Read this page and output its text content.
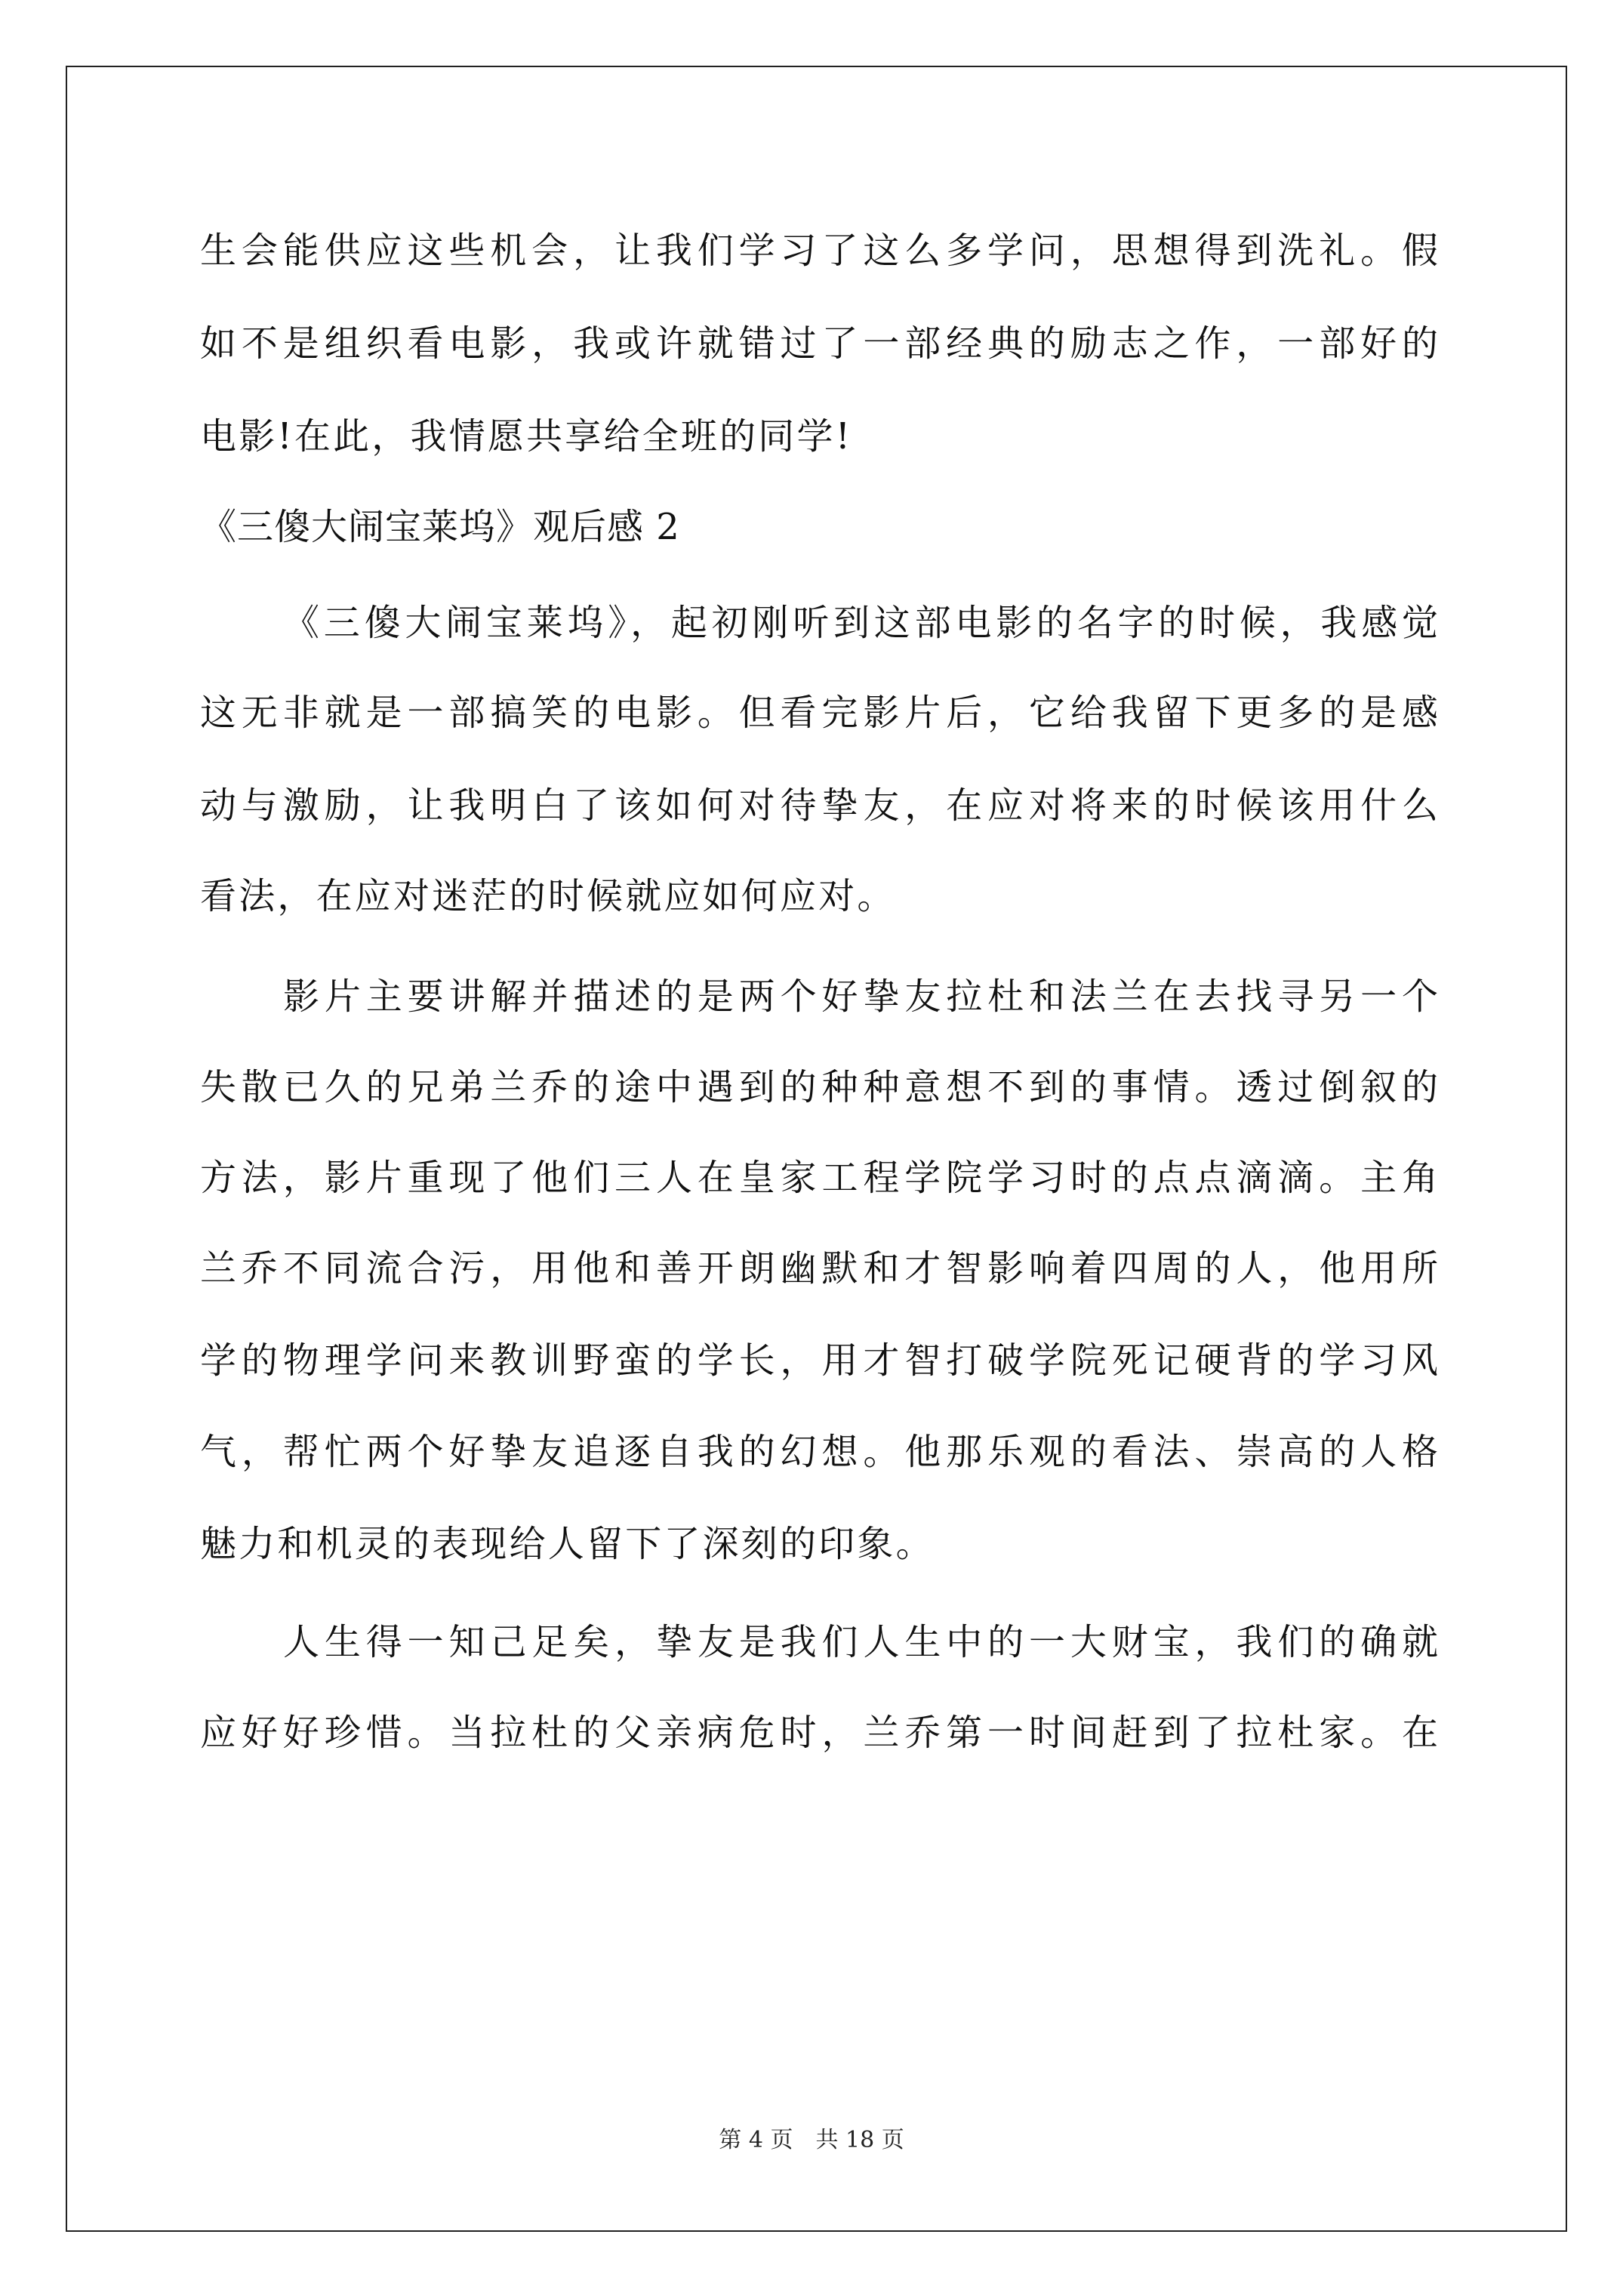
生会能供应这些机会，让我们学习了这么多学问，思想得到洗礼。假
如不是组织看电影，我或许就错过了一部经典的励志之作，一部好的
电影!在此，我情愿共享给全班的同学!
《三傻大闹宝莱坞》观后感 2
《三傻大闹宝莱坞》，起初刚听到这部电影的名字的时候，我感觉
这无非就是一部搞笑的电影。但看完影片后，它给我留下更多的是感
动与激励，让我明白了该如何对待挚友，在应对将来的时候该用什么
看法，在应对迷茫的时候就应如何应对。
影片主要讲解并描述的是两个好挚友拉杜和法兰在去找寻另一个
失散已久的兄弟兰乔的途中遇到的种种意想不到的事情。透过倒叙的
方法，影片重现了他们三人在皇家工程学院学习时的点点滴滴。主角
兰乔不同流合污，用他和善开朗幽默和才智影响着四周的人，他用所
学的物理学问来教训野蛮的学长，用才智打破学院死记硬背的学习风
气，帮忙两个好挚友追逐自我的幻想。他那乐观的看法、崇高的人格
魅力和机灵的表现给人留下了深刻的印象。
人生得一知己足矣，挚友是我们人生中的一大财宝，我们的确就
应好好珍惜。当拉杜的父亲病危时，兰乔第一时间赶到了拉杜家。在
第 4 页　共 18 页
